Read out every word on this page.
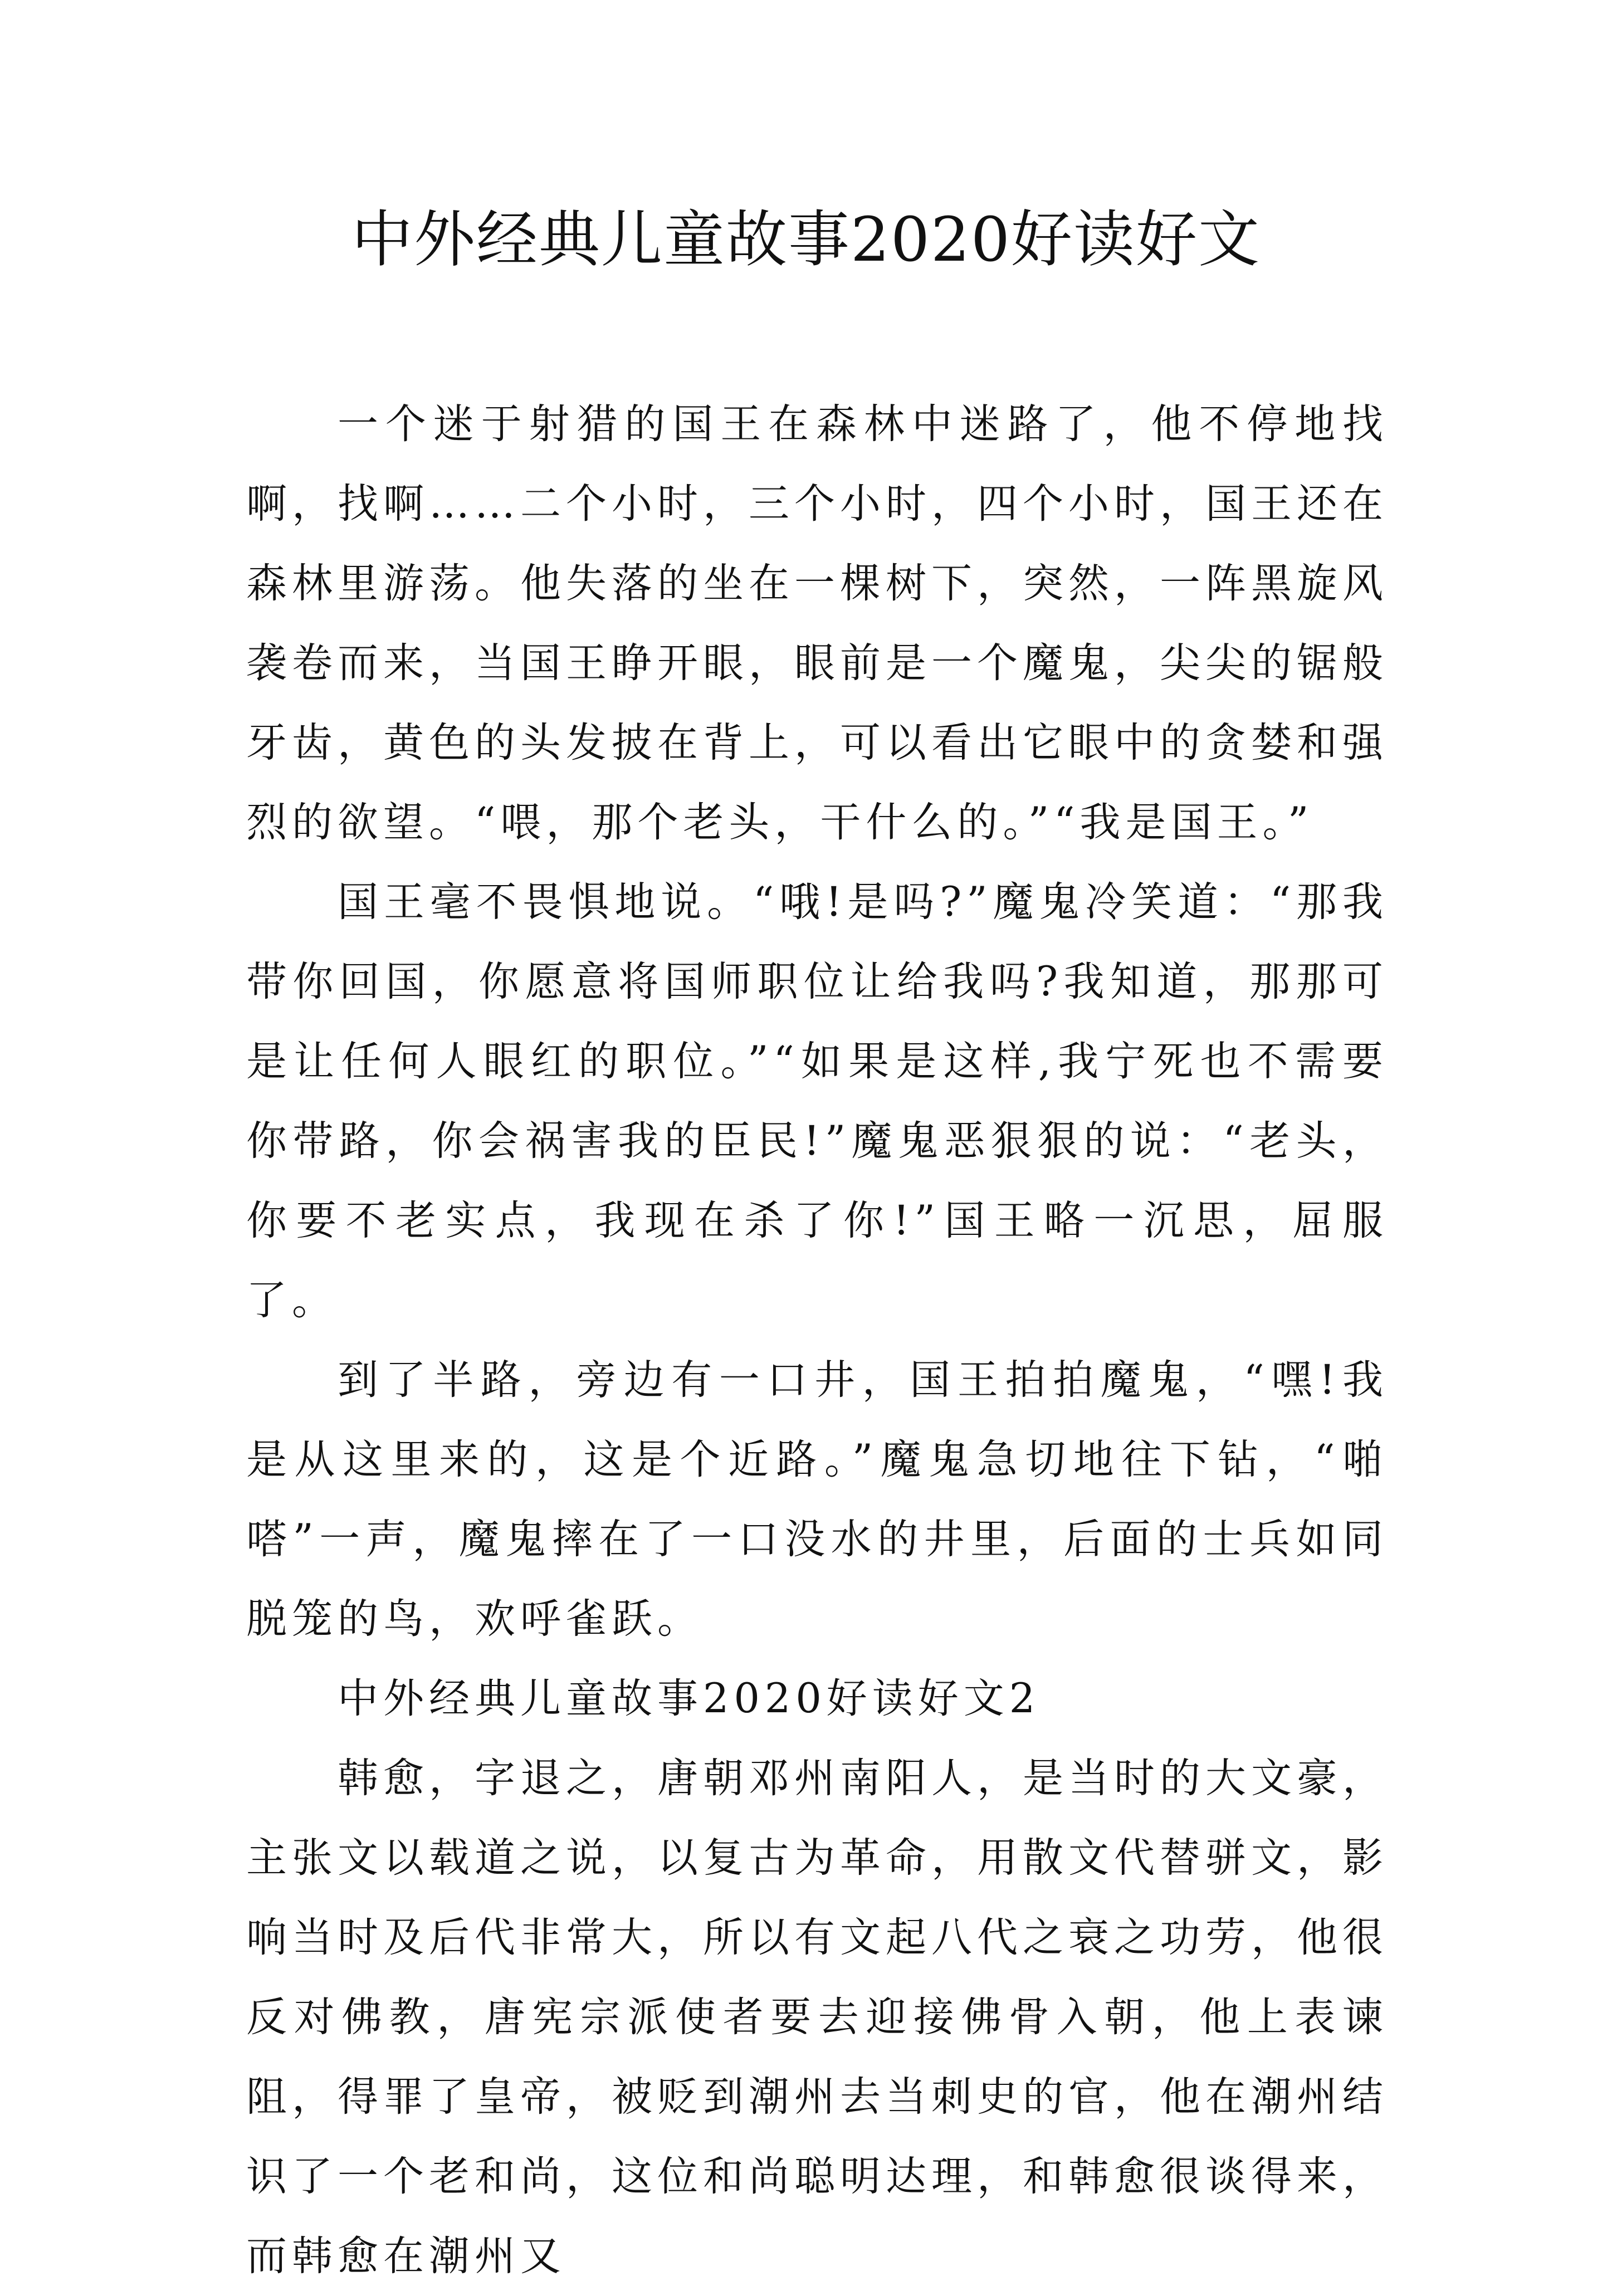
中外经典儿童故事2020好读好文

一个迷于射猎的国王在森林中迷路了，他不停地找啊，找啊……二个小时，三个小时，四个小时，国王还在森林里游荡。他失落的坐在一棵树下，突然，一阵黑旋风袭卷而来，当国王睁开眼，眼前是一个魔鬼，尖尖的锯般牙齿，黄色的头发披在背上，可以看出它眼中的贪婪和强烈的欲望。“喂，那个老头，干什么的。”“我是国王。”

国王毫不畏惧地说。“哦!是吗?”魔鬼冷笑道：“那我带你回国，你愿意将国师职位让给我吗?我知道，那那可是让任何人眼红的职位。”“如果是这样,我宁死也不需要你带路，你会祸害我的臣民!”魔鬼恶狠狠的说：“老头，你要不老实点，我现在杀了你!”国王略一沉思，屈服了。

到了半路，旁边有一口井，国王拍拍魔鬼，“嘿!我是从这里来的，这是个近路。”魔鬼急切地往下钻，“啪嗒”一声，魔鬼摔在了一口没水的井里，后面的士兵如同脱笼的鸟，欢呼雀跃。

中外经典儿童故事2020好读好文2

韩愈，字退之，唐朝邓州南阳人，是当时的大文豪，主张文以载道之说，以复古为革命，用散文代替骈文，影响当时及后代非常大，所以有文起八代之衰之功劳，他很反对佛教，唐宪宗派使者要去迎接佛骨入朝，他上表谏阻，得罪了皇帝，被贬到潮州去当刺史的官，他在潮州结识了一个老和尚，这位和尚聪明达理，和韩愈很谈得来，而韩愈在潮州又
